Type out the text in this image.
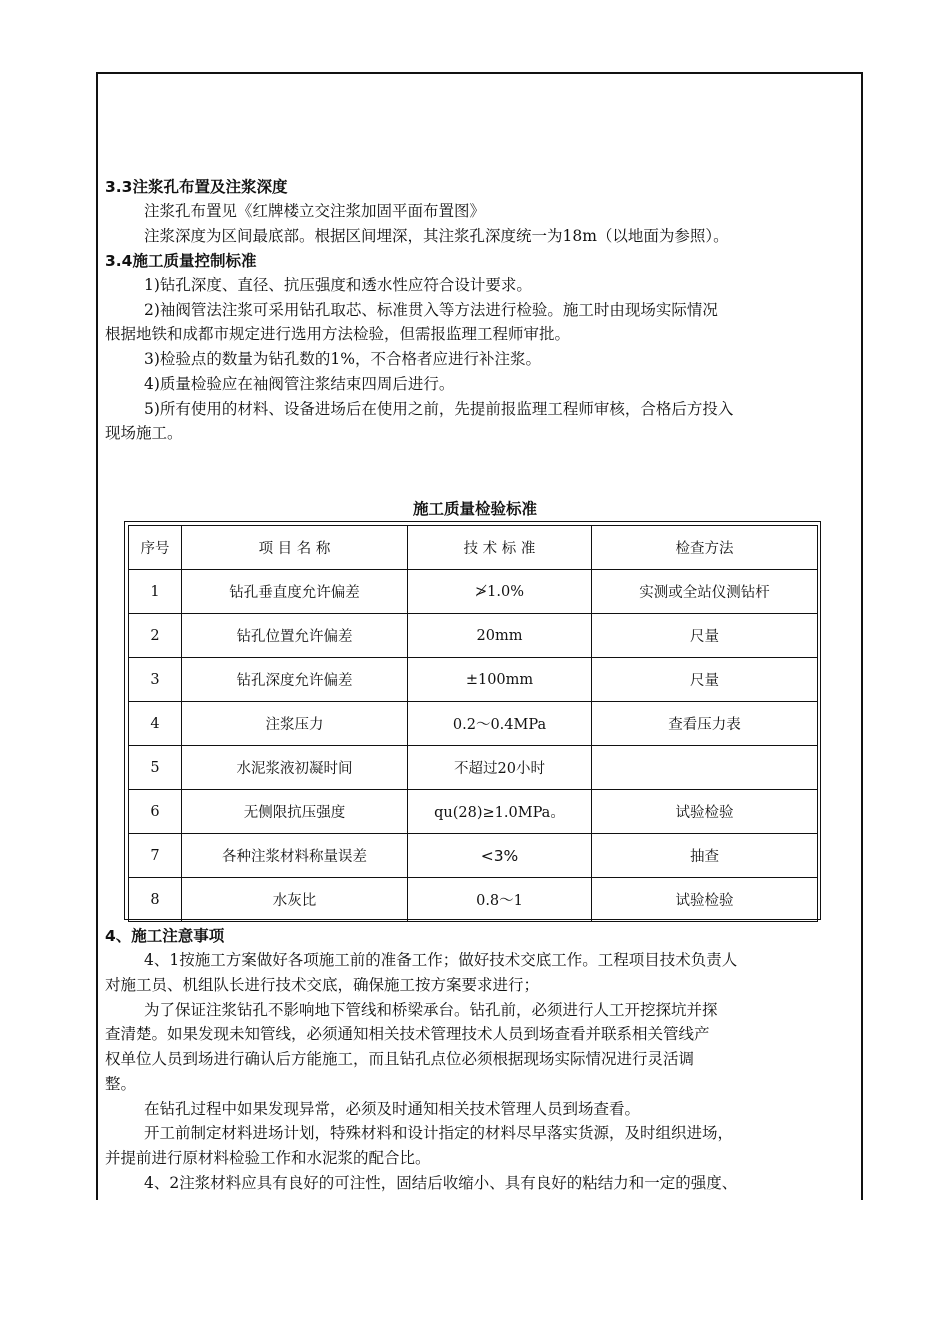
3.3注浆孔布置及注浆深度
注浆孔布置见《红牌楼立交注浆加固平面布置图》
注浆深度为区间最底部。根据区间埋深，其注浆孔深度统一为18m（以地面为参照）。
3.4施工质量控制标准
1)钻孔深度、直径、抗压强度和透水性应符合设计要求。
2)袖阀管法注浆可采用钻孔取芯、标准贯入等方法进行检验。施工时由现场实际情况
根据地铁和成都市规定进行选用方法检验，但需报监理工程师审批。
3)检验点的数量为钻孔数的1%，不合格者应进行补注浆。
4)质量检验应在袖阀管注浆结束四周后进行。
5)所有使用的材料、设备进场后在使用之前，先提前报监理工程师审核，合格后方投入
现场施工。
施工质量检验标准
序号	项 目 名 称	技 术 标 准	检查方法
1	钻孔垂直度允许偏差	≯1.0%	实测或全站仪测钻杆
2	钻孔位置允许偏差	20mm	尺量
3	钻孔深度允许偏差	±100mm	尺量
4	注浆压力	0.2～0.4MPa	查看压力表
5	水泥浆液初凝时间	不超过20小时	
6	无侧限抗压强度	qu(28)≥1.0MPa。	试验检验
7	各种注浆材料称量误差	<3%	抽查
8	水灰比	0.8～1	试验检验
4、施工注意事项
4、1按施工方案做好各项施工前的准备工作；做好技术交底工作。工程项目技术负责人
对施工员、机组队长进行技术交底，确保施工按方案要求进行；
为了保证注浆钻孔不影响地下管线和桥梁承台。钻孔前，必须进行人工开挖探坑并探
查清楚。如果发现未知管线，必须通知相关技术管理技术人员到场查看并联系相关管线产
权单位人员到场进行确认后方能施工，而且钻孔点位必须根据现场实际情况进行灵活调
整。
在钻孔过程中如果发现异常，必须及时通知相关技术管理人员到场查看。
开工前制定材料进场计划，特殊材料和设计指定的材料尽早落实货源，及时组织进场，
并提前进行原材料检验工作和水泥浆的配合比。
4、2注浆材料应具有良好的可注性，固结后收缩小、具有良好的粘结力和一定的强度、
